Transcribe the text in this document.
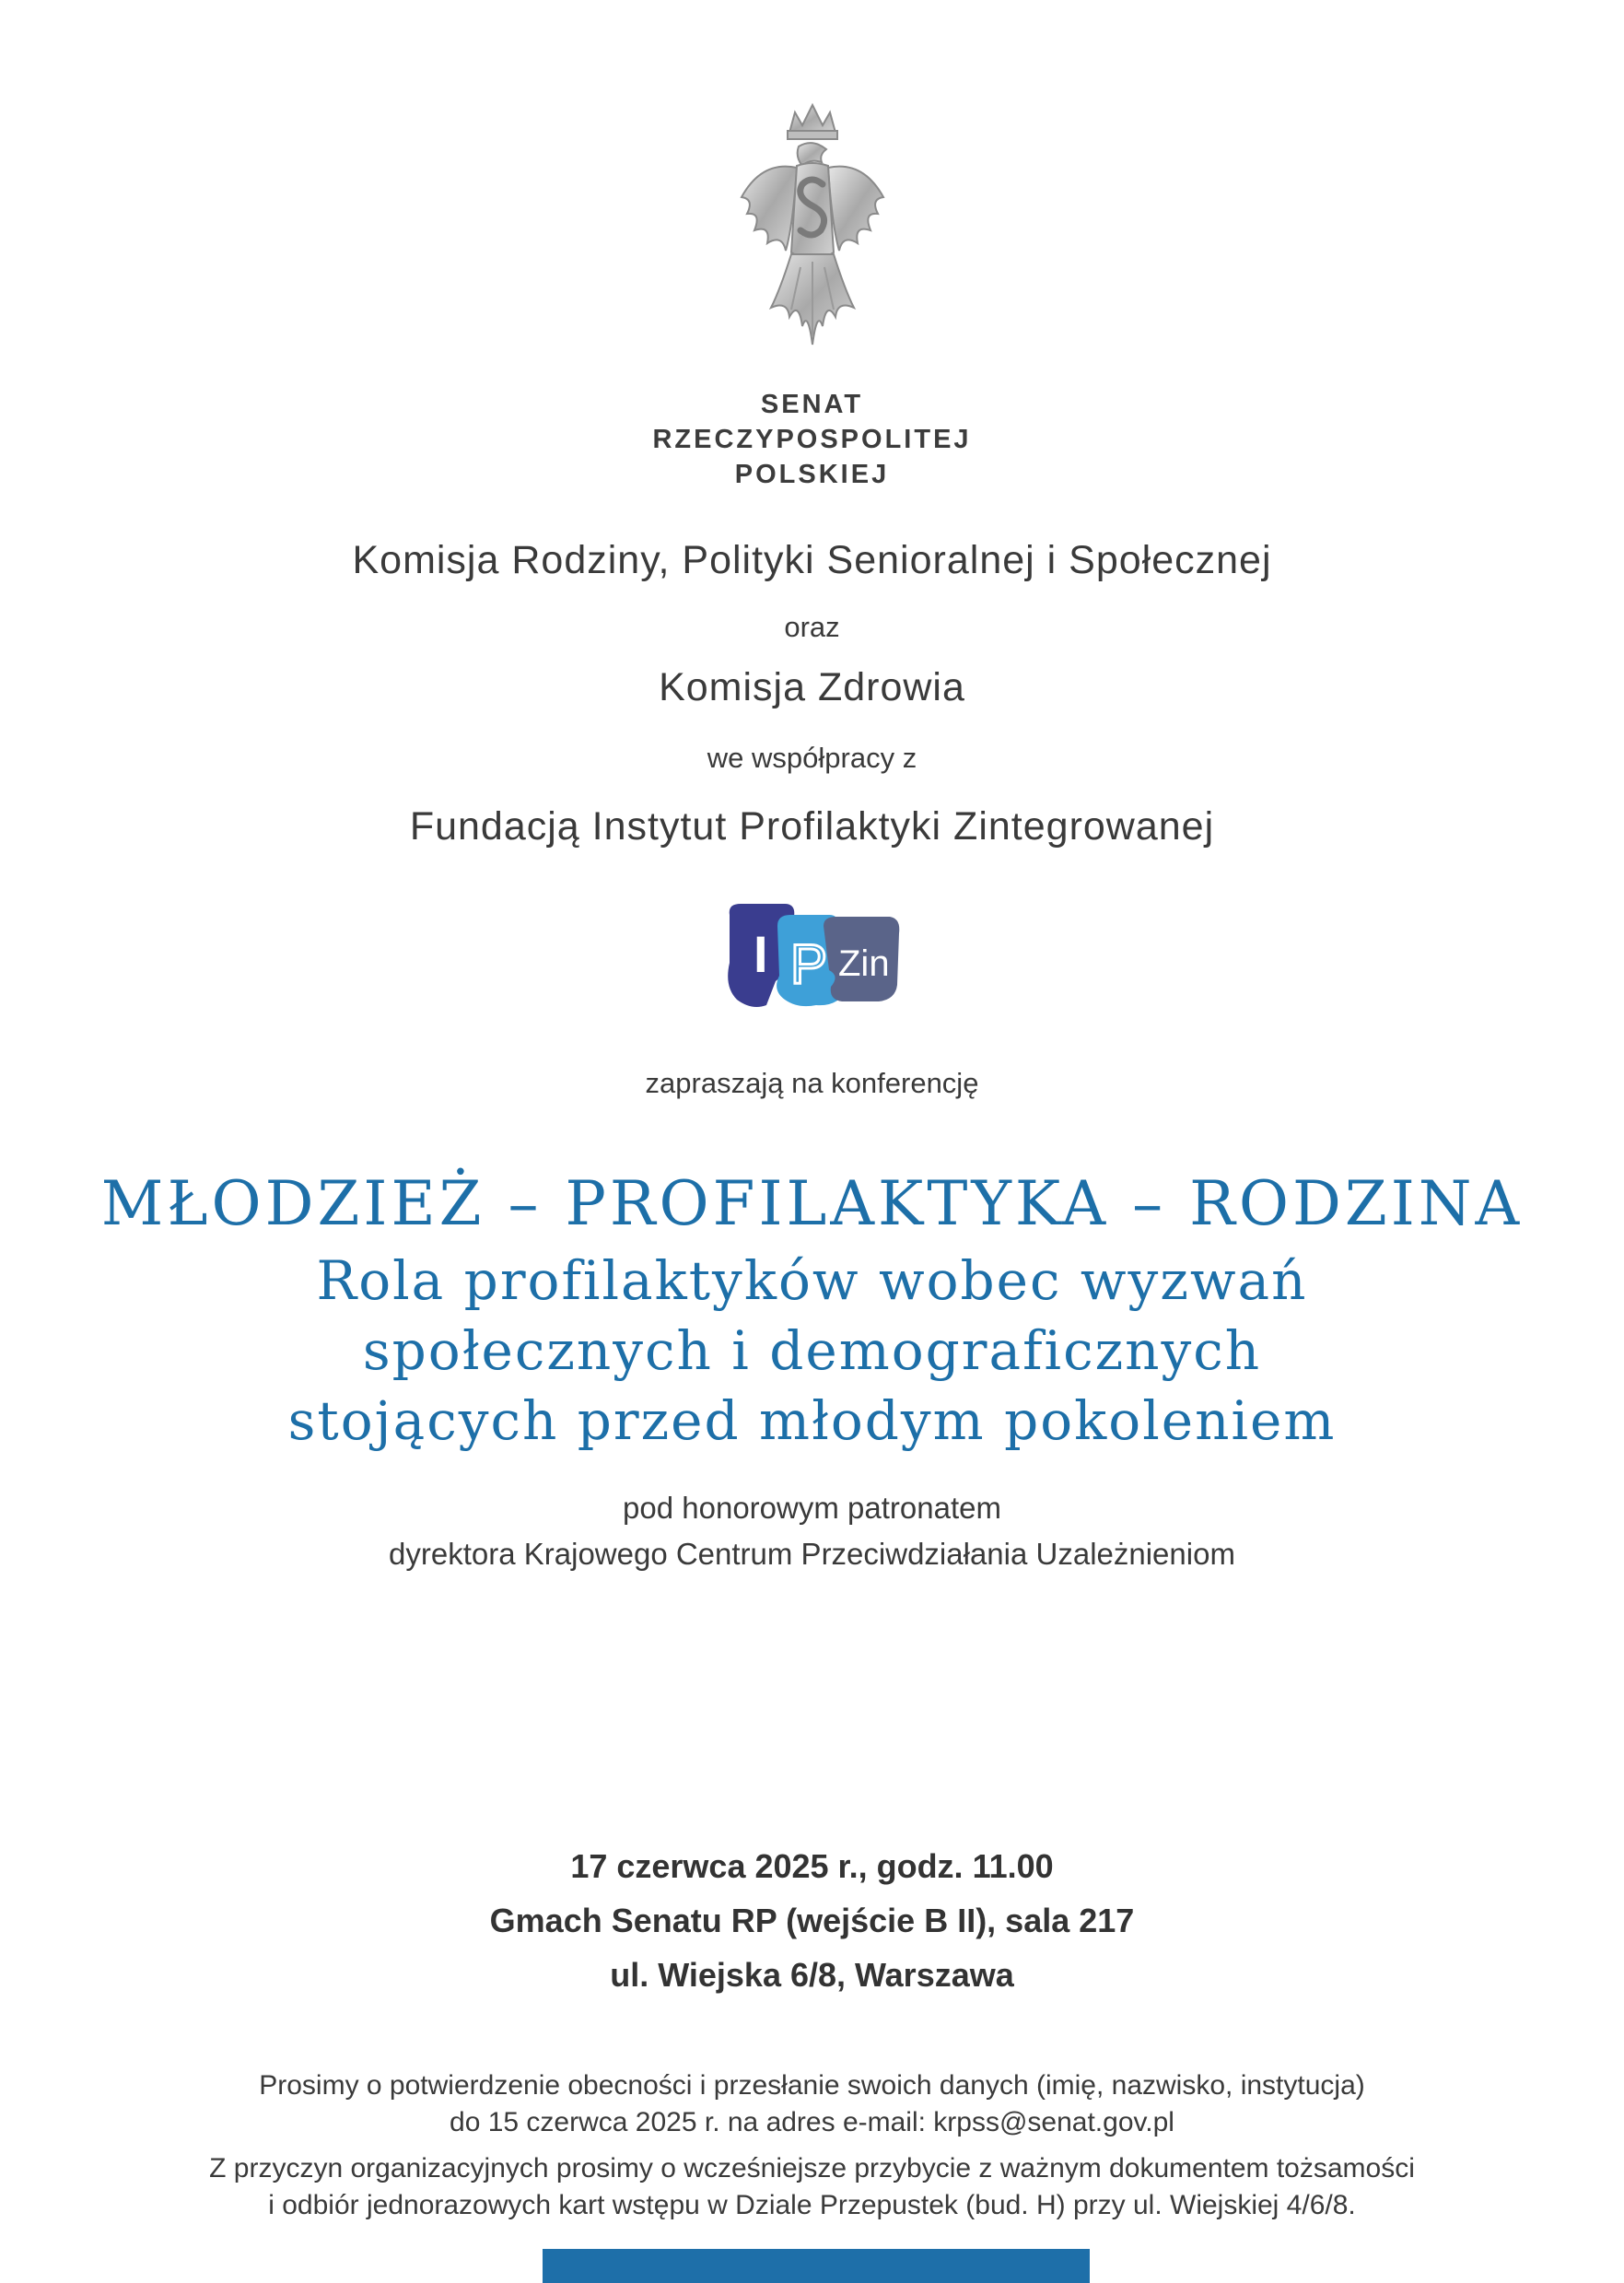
SENAT
RZECZYPOSPOLITEJ
POLSKIEJ
Komisja Rodziny, Polityki Senioralnej i Społecznej
oraz
Komisja Zdrowia
we współpracy z
Fundacją Instytut Profilaktyki Zintegrowanej
I P Zin
zapraszają na konferencję
MŁODZIEŻ – PROFILAKTYKA – RODZINA
Rola profilaktyków wobec wyzwań
społecznych i demograficznych
stojących przed młodym pokoleniem
pod honorowym patronatem
dyrektora Krajowego Centrum Przeciwdziałania Uzależnieniom
17 czerwca 2025 r., godz. 11.00
Gmach Senatu RP (wejście B II), sala 217
ul. Wiejska 6/8, Warszawa
Prosimy o potwierdzenie obecności i przesłanie swoich danych (imię, nazwisko, instytucja)
do 15 czerwca 2025 r. na adres e-mail: krpss@senat.gov.pl
Z przyczyn organizacyjnych prosimy o wcześniejsze przybycie z ważnym dokumentem tożsamości
i odbiór jednorazowych kart wstępu w Dziale Przepustek (bud. H) przy ul. Wiejskiej 4/6/8.
